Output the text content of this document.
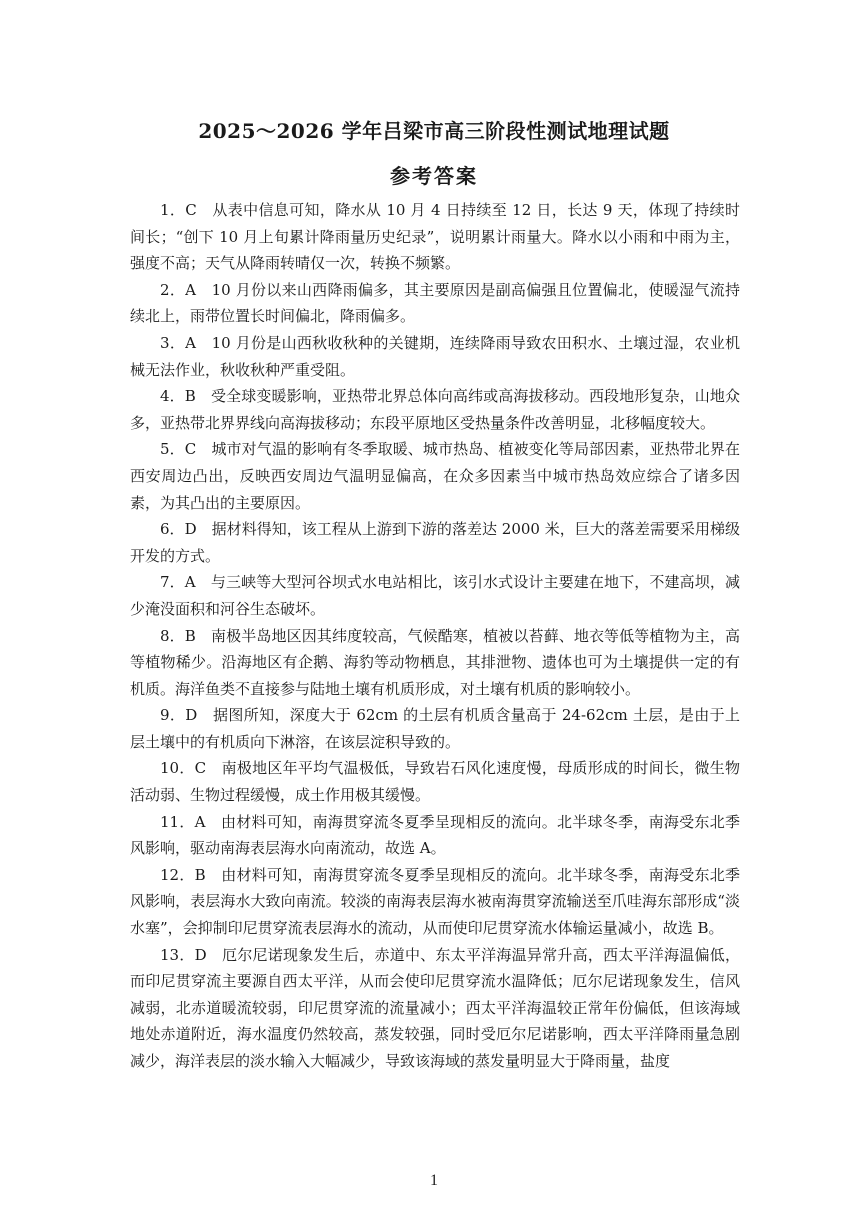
2025～2026 学年吕梁市高三阶段性测试地理试题
参考答案

1．C　 从表中信息可知，降水从 10 月 4 日持续至 12 日，长达 9 天，体现了持续时间长；“创下 10 月上旬累计降雨量历史纪录”，说明累计雨量大。降水以小雨和中雨为主，强度不高；天气从降雨转晴仅一次，转换不频繁。

2．A　 10 月份以来山西降雨偏多，其主要原因是副高偏强且位置偏北，使暖湿气流持续北上，雨带位置长时间偏北，降雨偏多。

3．A　 10 月份是山西秋收秋种的关键期，连续降雨导致农田积水、土壤过湿，农业机械无法作业，秋收秋种严重受阻。

4．B　 受全球变暖影响，亚热带北界总体向高纬或高海拔移动。西段地形复杂，山地众多，亚热带北界界线向高海拔移动；东段平原地区受热量条件改善明显，北移幅度较大。

5．C　 城市对气温的影响有冬季取暖、城市热岛、植被变化等局部因素，亚热带北界在西安周边凸出，反映西安周边气温明显偏高，在众多因素当中城市热岛效应综合了诸多因素，为其凸出的主要原因。

6．D　 据材料得知，该工程从上游到下游的落差达 2000 米，巨大的落差需要采用梯级开发的方式。

7．A　 与三峡等大型河谷坝式水电站相比，该引水式设计主要建在地下，不建高坝，减少淹没面积和河谷生态破坏。

8．B　 南极半岛地区因其纬度较高，气候酷寒，植被以苔藓、地衣等低等植物为主，高等植物稀少。沿海地区有企鹅、海豹等动物栖息，其排泄物、遗体也可为土壤提供一定的有机质。海洋鱼类不直接参与陆地土壤有机质形成，对土壤有机质的影响较小。

9．D　 据图所知，深度大于 62cm 的土层有机质含量高于 24-62cm 土层，是由于上层土壤中的有机质向下淋溶，在该层淀积导致的。

10．C　 南极地区年平均气温极低，导致岩石风化速度慢，母质形成的时间长，微生物活动弱、生物过程缓慢，成土作用极其缓慢。

11．A　 由材料可知，南海贯穿流冬夏季呈现相反的流向。北半球冬季，南海受东北季风影响，驱动南海表层海水向南流动，故选 A。

12．B　 由材料可知，南海贯穿流冬夏季呈现相反的流向。北半球冬季，南海受东北季风影响，表层海水大致向南流。较淡的南海表层海水被南海贯穿流输送至爪哇海东部形成“淡水塞”，会抑制印尼贯穿流表层海水的流动，从而使印尼贯穿流水体输运量减小，故选 B。

13．D　 厄尔尼诺现象发生后，赤道中、东太平洋海温异常升高，西太平洋海温偏低，而印尼贯穿流主要源自西太平洋，从而会使印尼贯穿流水温降低；厄尔尼诺现象发生，信风减弱，北赤道暖流较弱，印尼贯穿流的流量减小；西太平洋海温较正常年份偏低，但该海域地处赤道附近，海水温度仍然较高，蒸发较强，同时受厄尔尼诺影响，西太平洋降雨量急剧减少，海洋表层的淡水输入大幅减少，导致该海域的蒸发量明显大于降雨量，盐度

1
